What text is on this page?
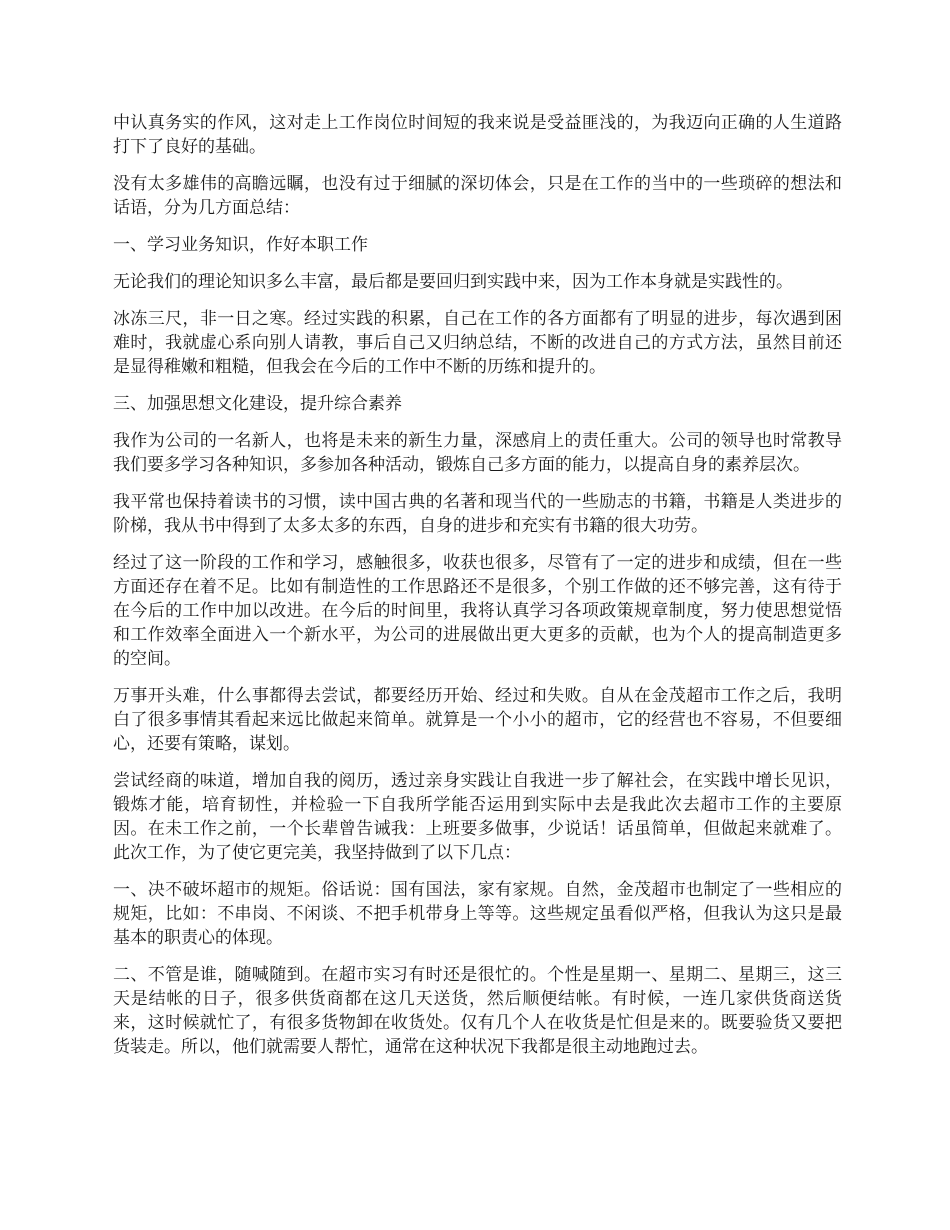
中认真务实的作风，这对走上工作岗位时间短的我来说是受益匪浅的，为我迈向正确的人生道路打下了良好的基础。

没有太多雄伟的高瞻远瞩，也没有过于细腻的深切体会，只是在工作的当中的一些琐碎的想法和话语，分为几方面总结：

一、学习业务知识，作好本职工作

无论我们的理论知识多么丰富，最后都是要回归到实践中来，因为工作本身就是实践性的。

冰冻三尺，非一日之寒。经过实践的积累，自己在工作的各方面都有了明显的进步，每次遇到困难时，我就虚心系向别人请教，事后自己又归纳总结，不断的改进自己的方式方法，虽然目前还是显得稚嫩和粗糙，但我会在今后的工作中不断的历练和提升的。

三、加强思想文化建设，提升综合素养

我作为公司的一名新人，也将是未来的新生力量，深感肩上的责任重大。公司的领导也时常教导我们要多学习各种知识，多参加各种活动，锻炼自己多方面的能力，以提高自身的素养层次。

我平常也保持着读书的习惯，读中国古典的名著和现当代的一些励志的书籍，书籍是人类进步的阶梯，我从书中得到了太多太多的东西，自身的进步和充实有书籍的很大功劳。

经过了这一阶段的工作和学习，感触很多，收获也很多，尽管有了一定的进步和成绩，但在一些方面还存在着不足。比如有制造性的工作思路还不是很多，个别工作做的还不够完善，这有待于在今后的工作中加以改进。在今后的时间里，我将认真学习各项政策规章制度，努力使思想觉悟和工作效率全面进入一个新水平，为公司的进展做出更大更多的贡献，也为个人的提高制造更多的空间。

万事开头难，什么事都得去尝试，都要经历开始、经过和失败。自从在金茂超市工作之后，我明白了很多事情其看起来远比做起来简单。就算是一个小小的超市，它的经营也不容易，不但要细心，还要有策略，谋划。

尝试经商的味道，增加自我的阅历，透过亲身实践让自我进一步了解社会，在实践中增长见识，锻炼才能，培育韧性，并检验一下自我所学能否运用到实际中去是我此次去超市工作的主要原因。在未工作之前，一个长辈曾告诫我：上班要多做事，少说话！话虽简单，但做起来就难了。此次工作，为了使它更完美，我坚持做到了以下几点：

一、决不破坏超市的规矩。俗话说：国有国法，家有家规。自然，金茂超市也制定了一些相应的规矩，比如：不串岗、不闲谈、不把手机带身上等等。这些规定虽看似严格，但我认为这只是最基本的职责心的体现。

二、不管是谁，随喊随到。在超市实习有时还是很忙的。个性是星期一、星期二、星期三，这三天是结帐的日子，很多供货商都在这几天送货，然后顺便结帐。有时候，一连几家供货商送货来，这时候就忙了，有很多货物卸在收货处。仅有几个人在收货是忙但是来的。既要验货又要把货装走。所以，他们就需要人帮忙，通常在这种状况下我都是很主动地跑过去。
